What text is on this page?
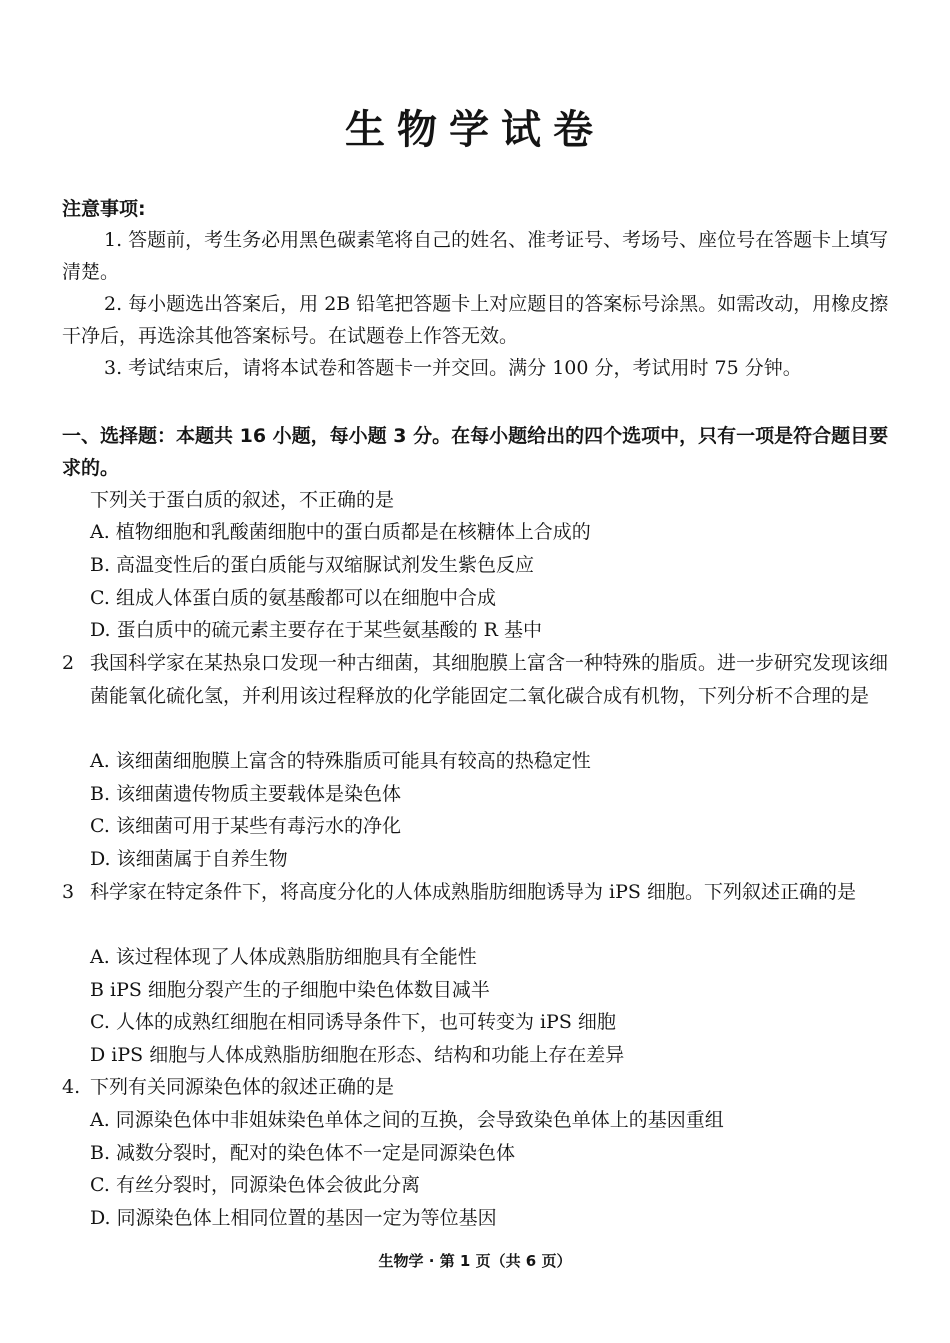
生物学试卷
注意事项:
1. 答题前，考生务必用黑色碳素笔将自己的姓名、准考证号、考场号、座位号在答题卡上填写清楚。
2. 每小题选出答案后，用 2B 铅笔把答题卡上对应题目的答案标号涂黑。如需改动，用橡皮擦干净后，再选涂其他答案标号。在试题卷上作答无效。
3. 考试结束后，请将本试卷和答题卡一并交回。满分 100 分，考试用时 75 分钟。
一、选择题：本题共 16 小题，每小题 3 分。在每小题给出的四个选项中，只有一项是符合题目要求的。
下列关于蛋白质的叙述，不正确的是
A. 植物细胞和乳酸菌细胞中的蛋白质都是在核糖体上合成的
B. 高温变性后的蛋白质能与双缩脲试剂发生紫色反应
C. 组成人体蛋白质的氨基酸都可以在细胞中合成
D. 蛋白质中的硫元素主要存在于某些氨基酸的 R 基中
2 我国科学家在某热泉口发现一种古细菌，其细胞膜上富含一种特殊的脂质。进一步研究发现该细菌能氧化硫化氢，并利用该过程释放的化学能固定二氧化碳合成有机物，下列分析不合理的是
A. 该细菌细胞膜上富含的特殊脂质可能具有较高的热稳定性
B. 该细菌遗传物质主要载体是染色体
C. 该细菌可用于某些有毒污水的净化
D. 该细菌属于自养生物
3 科学家在特定条件下，将高度分化的人体成熟脂肪细胞诱导为 iPS 细胞。下列叙述正确的是
A. 该过程体现了人体成熟脂肪细胞具有全能性
B iPS 细胞分裂产生的子细胞中染色体数目减半
C. 人体的成熟红细胞在相同诱导条件下，也可转变为 iPS 细胞
D iPS 细胞与人体成熟脂肪细胞在形态、结构和功能上存在差异
4. 下列有关同源染色体的叙述正确的是
A. 同源染色体中非姐妹染色单体之间的互换，会导致染色单体上的基因重组
B. 减数分裂时，配对的染色体不一定是同源染色体
C. 有丝分裂时，同源染色体会彼此分离
D. 同源染色体上相同位置的基因一定为等位基因
生物学 · 第 1 页（共 6 页）
